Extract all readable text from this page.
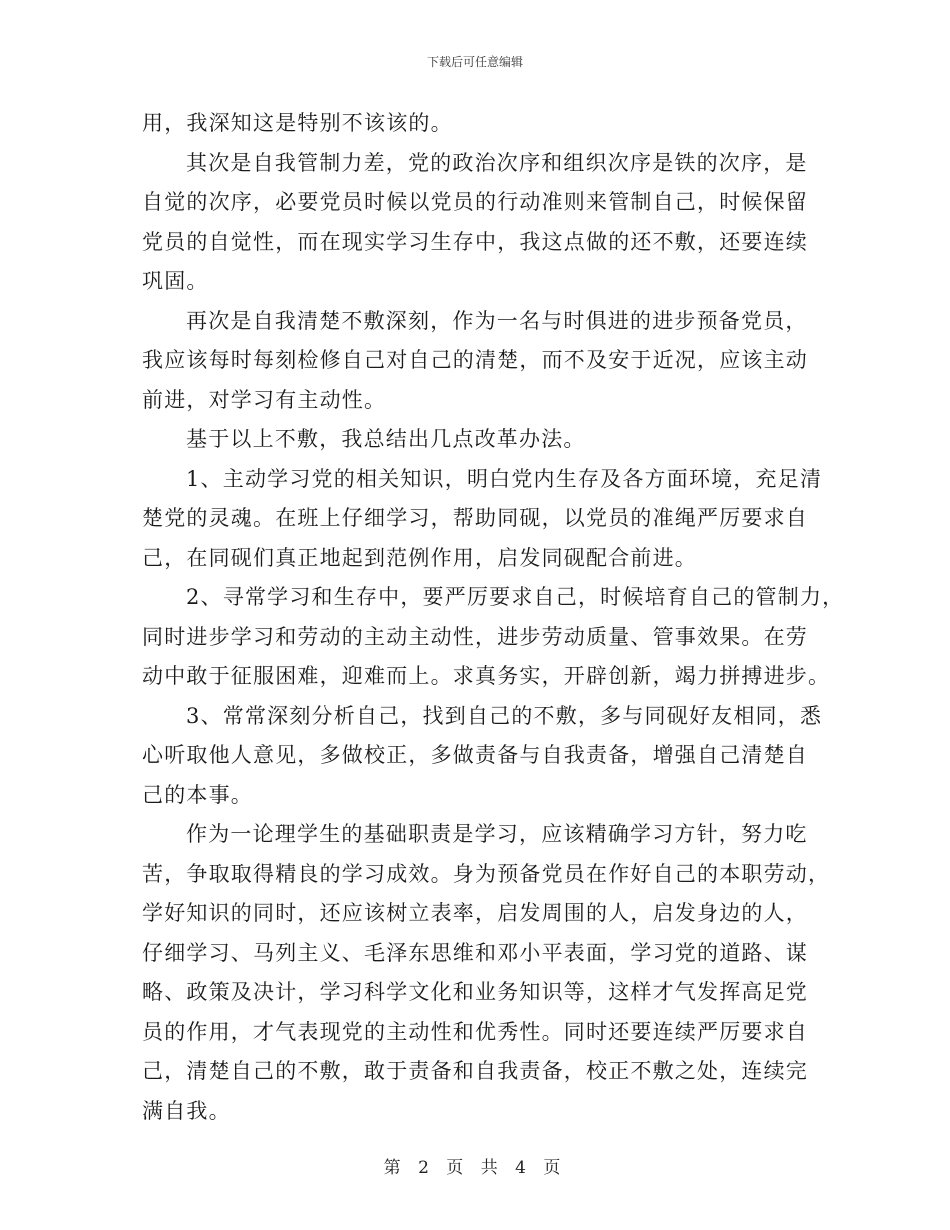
下载后可任意编辑
用，我深知这是特别不该该的。
其次是自我管制力差，党的政治次序和组织次序是铁的次序，是
自觉的次序，必要党员时候以党员的行动准则来管制自己，时候保留
党员的自觉性，而在现实学习生存中，我这点做的还不敷，还要连续
巩固。
再次是自我清楚不敷深刻，作为一名与时俱进的进步预备党员，
我应该每时每刻检修自己对自己的清楚，而不及安于近况，应该主动
前进，对学习有主动性。
基于以上不敷，我总结出几点改革办法。
1、主动学习党的相关知识，明白党内生存及各方面环境，充足清
楚党的灵魂。在班上仔细学习，帮助同砚，以党员的准绳严厉要求自
己，在同砚们真正地起到范例作用，启发同砚配合前进。
2、寻常学习和生存中，要严厉要求自己，时候培育自己的管制力，
同时进步学习和劳动的主动主动性，进步劳动质量、管事效果。在劳
动中敢于征服困难，迎难而上。求真务实，开辟创新，竭力拼搏进步。
3、常常深刻分析自己，找到自己的不敷，多与同砚好友相同，悉
心听取他人意见，多做校正，多做责备与自我责备，增强自己清楚自
己的本事。
作为一论理学生的基础职责是学习，应该精确学习方针，努力吃
苦，争取取得精良的学习成效。身为预备党员在作好自己的本职劳动，
学好知识的同时，还应该树立表率，启发周围的人，启发身边的人，
仔细学习、马列主义、毛泽东思维和邓小平表面，学习党的道路、谋
略、政策及决计，学习科学文化和业务知识等，这样才气发挥高足党
员的作用，才气表现党的主动性和优秀性。同时还要连续严厉要求自
己，清楚自己的不敷，敢于责备和自我责备，校正不敷之处，连续完
满自我。
第 2 页 共 4 页
